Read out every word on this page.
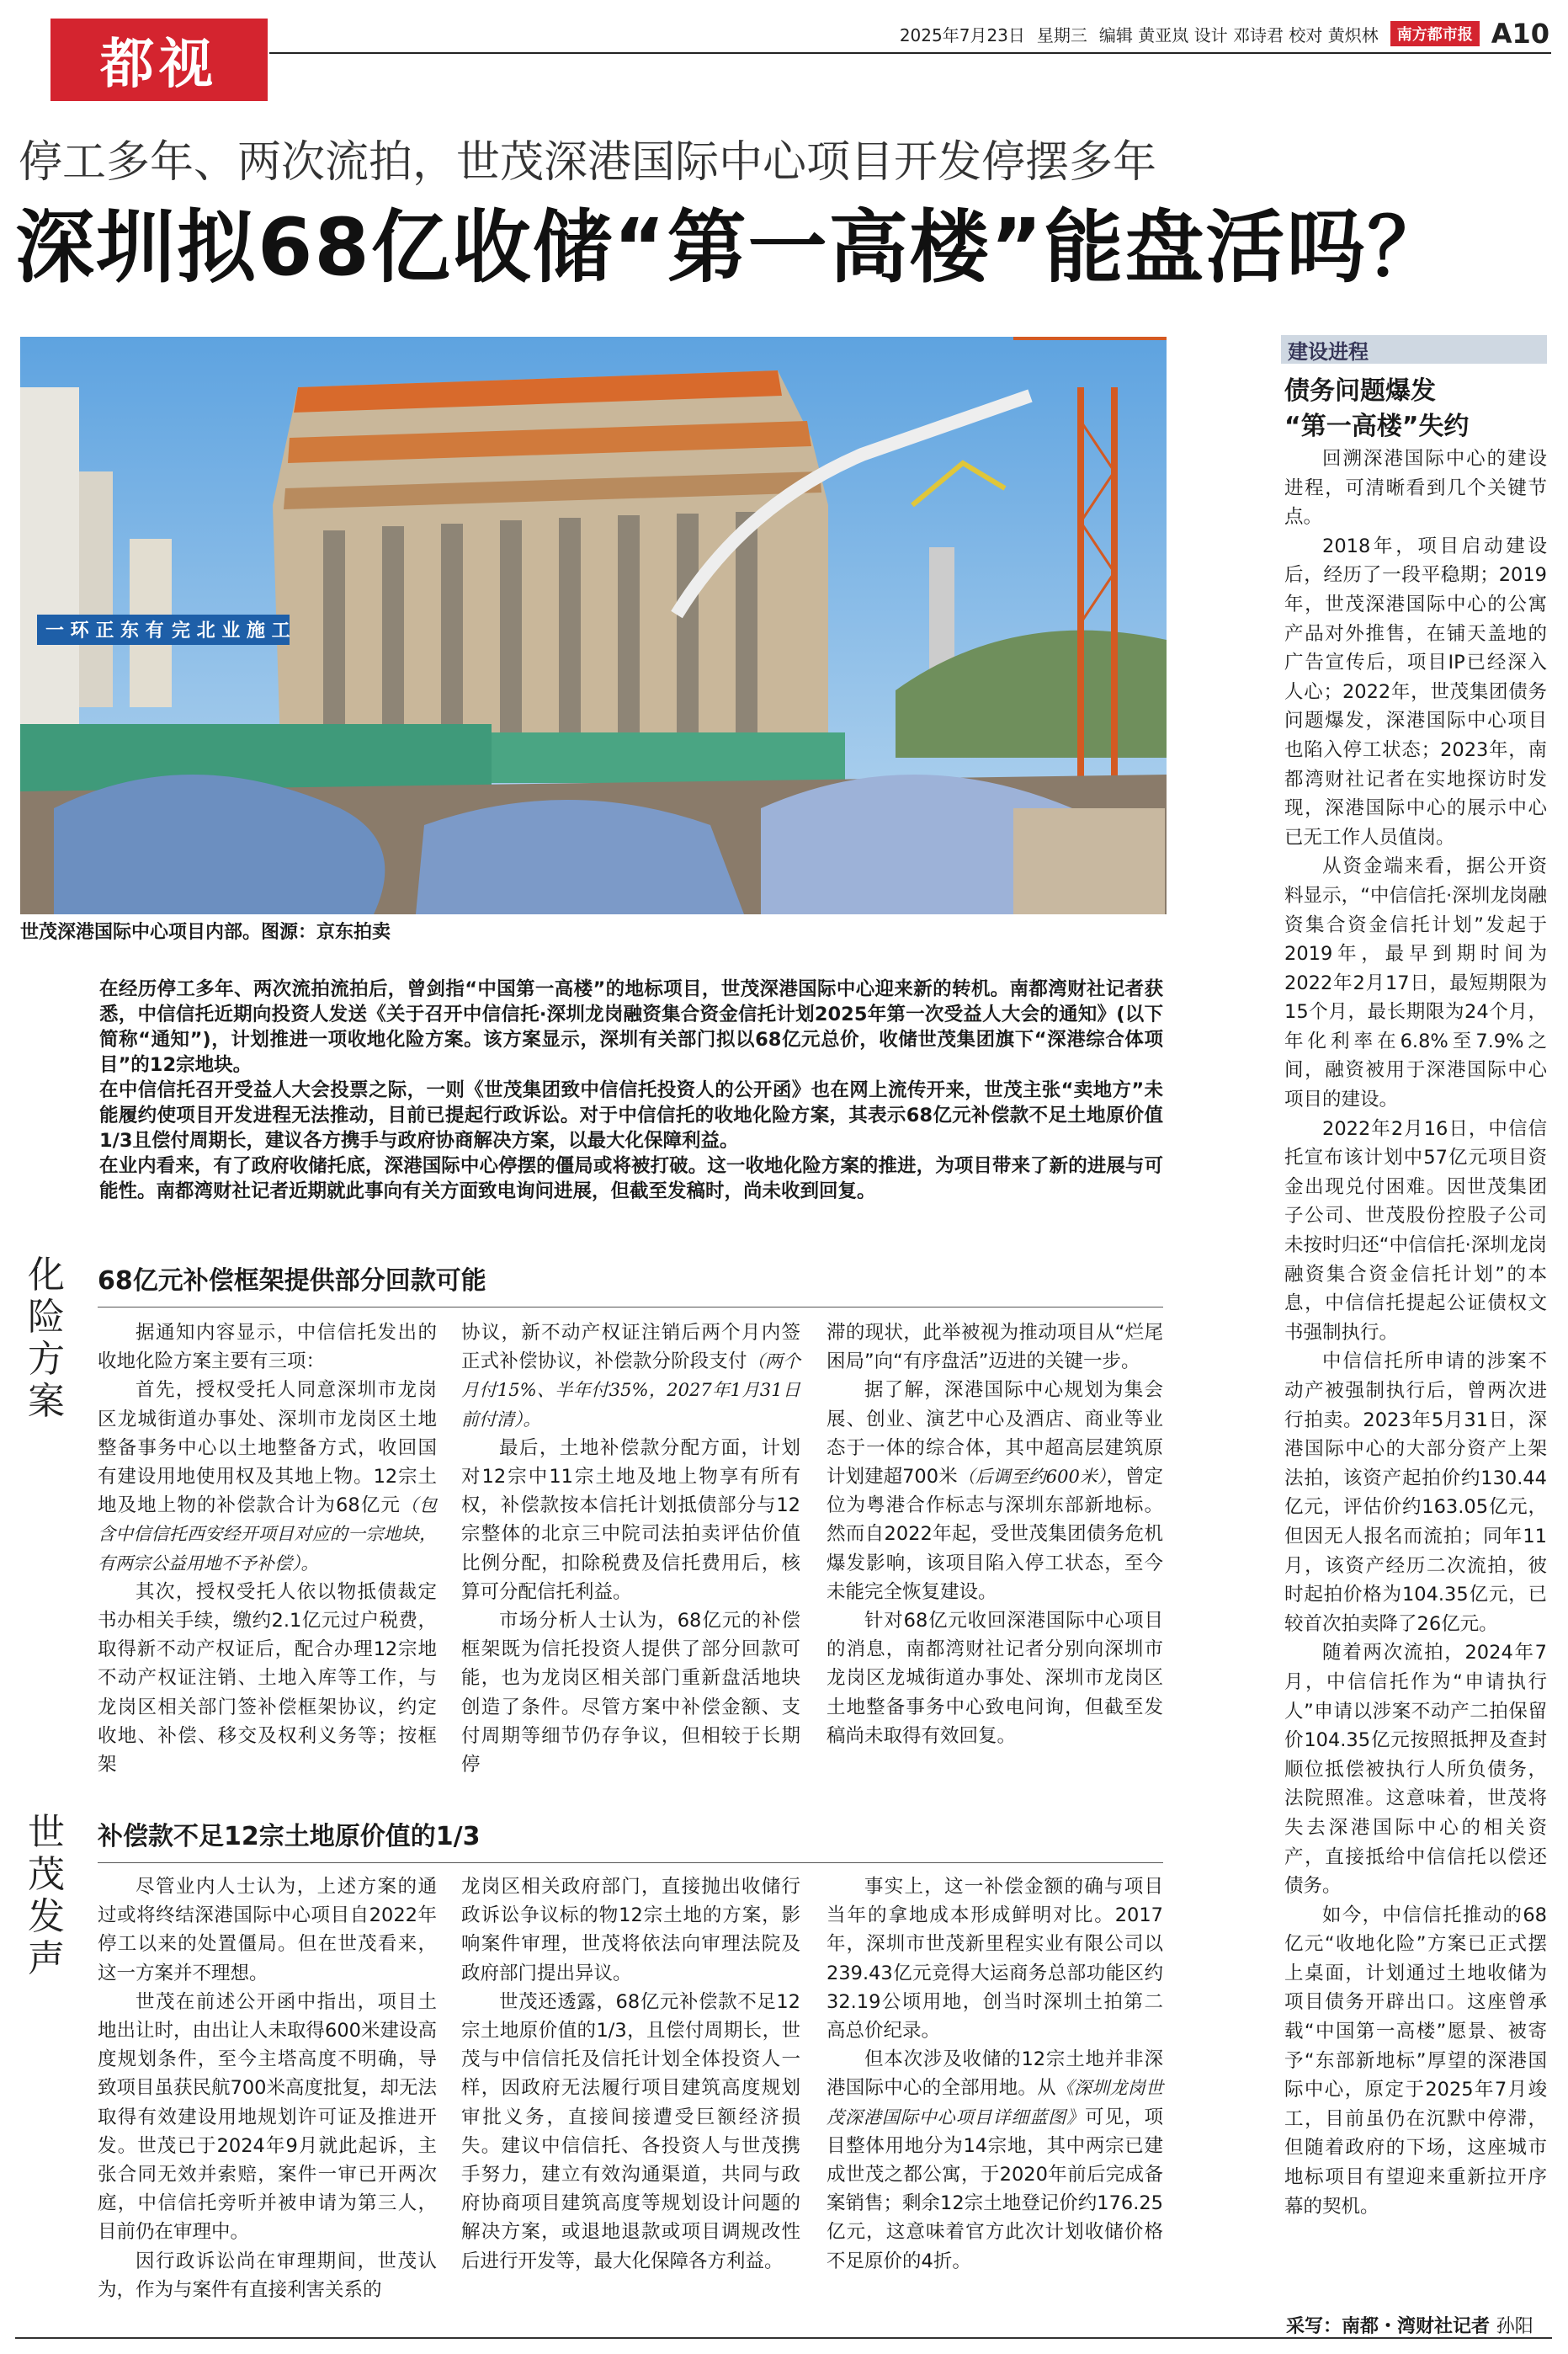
都视	2025年7月23日 星期三 编辑 黄亚岚 设计 邓诗君 校对 黄炽林	南方都市报 A10
停工多年、两次流拍，世茂深港国际中心项目开发停摆多年
深圳拟68亿收储“第一高楼”能盘活吗？
一 环 正 东 有 完 北 业 施 工
世茂深港国际中心项目内部。图源：京东拍卖

在经历停工多年、两次流拍流拍后，曾剑指“中国第一高楼”的地标项目，世茂深港国际中心迎来新的转机。南都湾财社记者获悉，中信信托近期向投资人发送《关于召开中信信托·深圳龙岗融资集合资金信托计划2025年第一次受益人大会的通知》(以下简称“通知”)，计划推进一项收地化险方案。该方案显示，深圳有关部门拟以68亿元总价，收储世茂集团旗下“深港综合体项目”的12宗地块。

在中信信托召开受益人大会投票之际，一则《世茂集团致中信信托投资人的公开函》也在网上流传开来，世茂主张“卖地方”未能履约使项目开发进程无法推动，目前已提起行政诉讼。对于中信信托的收地化险方案，其表示68亿元补偿款不足土地原价值1/3且偿付周期长，建议各方携手与政府协商解决方案，以最大化保障利益。

在业内看来，有了政府收储托底，深港国际中心停摆的僵局或将被打破。这一收地化险方案的推进，为项目带来了新的进展与可能性。南都湾财社记者近期就此事向有关方面致电询问进展，但截至发稿时，尚未收到回复。

化险方案
68亿元补偿框架提供部分回款可能

据通知内容显示，中信信托发出的收地化险方案主要有三项：

首先，授权受托人同意深圳市龙岗区龙城街道办事处、深圳市龙岗区土地整备事务中心以土地整备方式，收回国有建设用地使用权及其地上物。12宗土地及地上物的补偿款合计为68亿元（包含中信信托西安经开项目对应的一宗地块，有两宗公益用地不予补偿）。

其次，授权受托人依以物抵债裁定书办相关手续，缴约2.1亿元过户税费，取得新不动产权证后，配合办理12宗地不动产权证注销、土地入库等工作，与龙岗区相关部门签补偿框架协议，约定收地、补偿、移交及权利义务等；按框架

协议，新不动产权证注销后两个月内签正式补偿协议，补偿款分阶段支付（两个月付15%、半年付35%，2027年1月31日前付清）。

最后，土地补偿款分配方面，计划对12宗中11宗土地及地上物享有所有权，补偿款按本信托计划抵债部分与12宗整体的北京三中院司法拍卖评估价值比例分配，扣除税费及信托费用后，核算可分配信托利益。

市场分析人士认为，68亿元的补偿框架既为信托投资人提供了部分回款可能，也为龙岗区相关部门重新盘活地块创造了条件。尽管方案中补偿金额、支付周期等细节仍存争议，但相较于长期停

滞的现状，此举被视为推动项目从“烂尾困局”向“有序盘活”迈进的关键一步。

据了解，深港国际中心规划为集会展、创业、演艺中心及酒店、商业等业态于一体的综合体，其中超高层建筑原计划建超700米（后调至约600米），曾定位为粤港合作标志与深圳东部新地标。然而自2022年起，受世茂集团债务危机爆发影响，该项目陷入停工状态，至今未能完全恢复建设。

针对68亿元收回深港国际中心项目的消息，南都湾财社记者分别向深圳市龙岗区龙城街道办事处、深圳市龙岗区土地整备事务中心致电问询，但截至发稿尚未取得有效回复。

世茂发声
补偿款不足12宗土地原价值的1/3

尽管业内人士认为，上述方案的通过或将终结深港国际中心项目自2022年停工以来的处置僵局。但在世茂看来，这一方案并不理想。

世茂在前述公开函中指出，项目土地出让时，由出让人未取得600米建设高度规划条件，至今主塔高度不明确，导致项目虽获民航700米高度批复，却无法取得有效建设用地规划许可证及推进开发。世茂已于2024年9月就此起诉，主张合同无效并索赔，案件一审已开两次庭，中信信托旁听并被申请为第三人，目前仍在审理中。

因行政诉讼尚在审理期间，世茂认为，作为与案件有直接利害关系的

龙岗区相关政府部门，直接抛出收储行政诉讼争议标的物12宗土地的方案，影响案件审理，世茂将依法向审理法院及政府部门提出异议。

世茂还透露，68亿元补偿款不足12宗土地原价值的1/3，且偿付周期长，世茂与中信信托及信托计划全体投资人一样，因政府无法履行项目建筑高度规划审批义务，直接间接遭受巨额经济损失。建议中信信托、各投资人与世茂携手努力，建立有效沟通渠道，共同与政府协商项目建筑高度等规划设计问题的解决方案，或退地退款或项目调规改性后进行开发等，最大化保障各方利益。

事实上，这一补偿金额的确与项目当年的拿地成本形成鲜明对比。2017年，深圳市世茂新里程实业有限公司以239.43亿元竞得大运商务总部功能区约32.19公顷用地，创当时深圳土拍第二高总价纪录。

但本次涉及收储的12宗土地并非深港国际中心的全部用地。从《深圳龙岗世茂深港国际中心项目详细蓝图》可见，项目整体用地分为14宗地，其中两宗已建成世茂之都公寓，于2020年前后完成备案销售；剩余12宗土地登记价约176.25亿元，这意味着官方此次计划收储价格不足原价的4折。

建设进程
债务问题爆发
“第一高楼”失约

回溯深港国际中心的建设进程，可清晰看到几个关键节点。

2018年，项目启动建设后，经历了一段平稳期；2019年，世茂深港国际中心的公寓产品对外推售，在铺天盖地的广告宣传后，项目IP已经深入人心；2022年，世茂集团债务问题爆发，深港国际中心项目也陷入停工状态；2023年，南都湾财社记者在实地探访时发现，深港国际中心的展示中心已无工作人员值岗。

从资金端来看，据公开资料显示，“中信信托·深圳龙岗融资集合资金信托计划”发起于2019年，最早到期时间为2022年2月17日，最短期限为15个月，最长期限为24个月，年化利率在6.8%至7.9%之间，融资被用于深港国际中心项目的建设。

2022年2月16日，中信信托宣布该计划中57亿元项目资金出现兑付困难。因世茂集团子公司、世茂股份控股子公司未按时归还“中信信托·深圳龙岗融资集合资金信托计划”的本息，中信信托提起公证债权文书强制执行。

中信信托所申请的涉案不动产被强制执行后，曾两次进行拍卖。2023年5月31日，深港国际中心的大部分资产上架法拍，该资产起拍价约130.44亿元，评估价约163.05亿元，但因无人报名而流拍；同年11月，该资产经历二次流拍，彼时起拍价格为104.35亿元，已较首次拍卖降了26亿元。

随着两次流拍，2024年7月，中信信托作为“申请执行人”申请以涉案不动产二拍保留价104.35亿元按照抵押及查封顺位抵偿被执行人所负债务，法院照准。这意味着，世茂将失去深港国际中心的相关资产，直接抵给中信信托以偿还债务。

如今，中信信托推动的68亿元“收地化险”方案已正式摆上桌面，计划通过土地收储为项目债务开辟出口。这座曾承载“中国第一高楼”愿景、被寄予“东部新地标”厚望的深港国际中心，原定于2025年7月竣工，目前虽仍在沉默中停滞，但随着政府的下场，这座城市地标项目有望迎来重新拉开序幕的契机。

采写：南都・湾财社记者 孙阳
